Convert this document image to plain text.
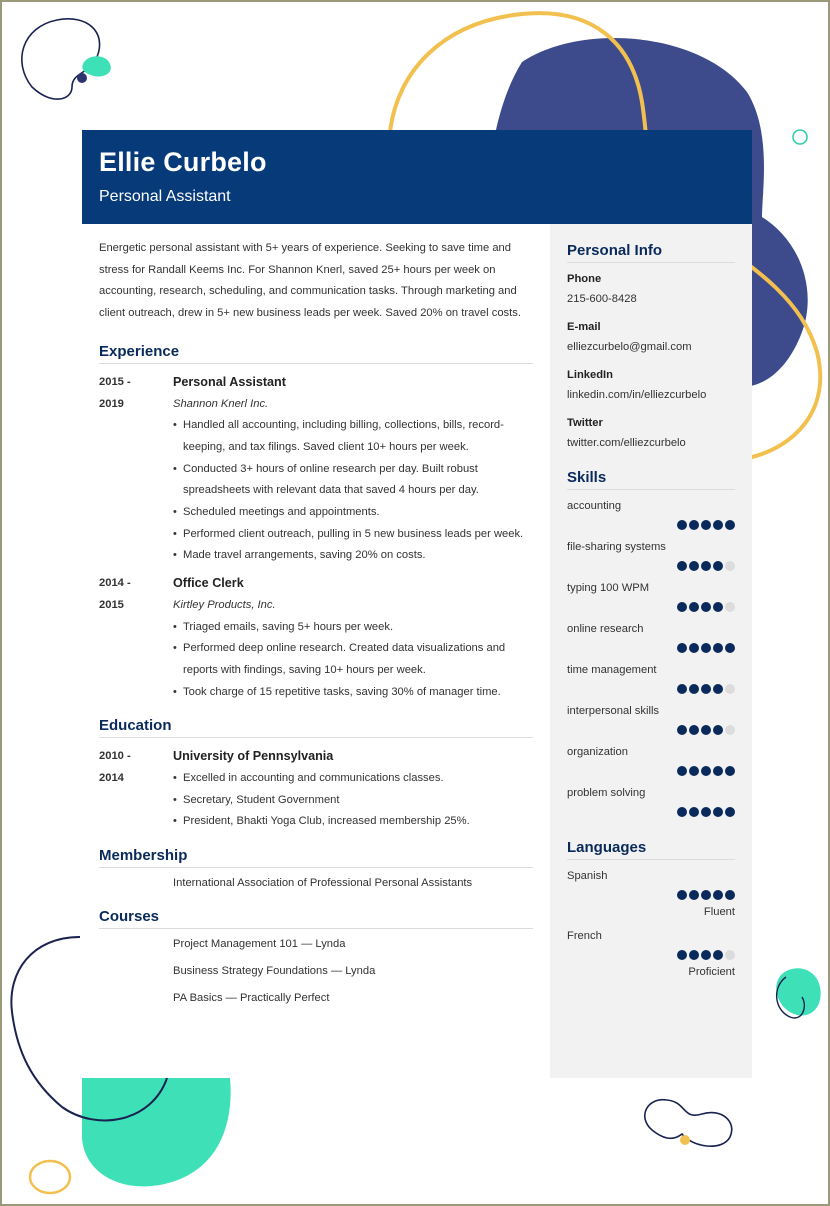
Ellie Curbelo
Personal Assistant

Energetic personal assistant with 5+ years of experience. Seeking to save time and stress for Randall Keems Inc. For Shannon Knerl, saved 25+ hours per week on accounting, research, scheduling, and communication tasks. Through marketing and client outreach, drew in 5+ new business leads per week. Saved 20% on travel costs.

Experience
2015 -
2019
Personal Assistant
Shannon Knerl Inc.
• Handled all accounting, including billing, collections, bills, record-keeping, and tax filings. Saved client 10+ hours per week.
• Conducted 3+ hours of online research per day. Built robust spreadsheets with relevant data that saved 4 hours per day.
• Scheduled meetings and appointments.
• Performed client outreach, pulling in 5 new business leads per week.
• Made travel arrangements, saving 20% on costs.
2014 -
2015
Office Clerk
Kirtley Products, Inc.
• Triaged emails, saving 5+ hours per week.
• Performed deep online research. Created data visualizations and reports with findings, saving 10+ hours per week.
• Took charge of 15 repetitive tasks, saving 30% of manager time.
Education
2010 -
2014
University of Pennsylvania
• Excelled in accounting and communications classes.
• Secretary, Student Government
• President, Bhakti Yoga Club, increased membership 25%.
Membership
International Association of Professional Personal Assistants
Courses
Project Management 101 — Lynda
Business Strategy Foundations — Lynda
PA Basics — Practically Perfect
Personal Info
Phone
215-600-8428
E-mail
elliezcurbelo@gmail.com
LinkedIn
linkedin.com/in/elliezcurbelo
Twitter
twitter.com/elliezcurbelo
Skills
accounting
file-sharing systems
typing 100 WPM
online research
time management
interpersonal skills
organization
problem solving
Languages
Spanish
Fluent
French
Proficient
